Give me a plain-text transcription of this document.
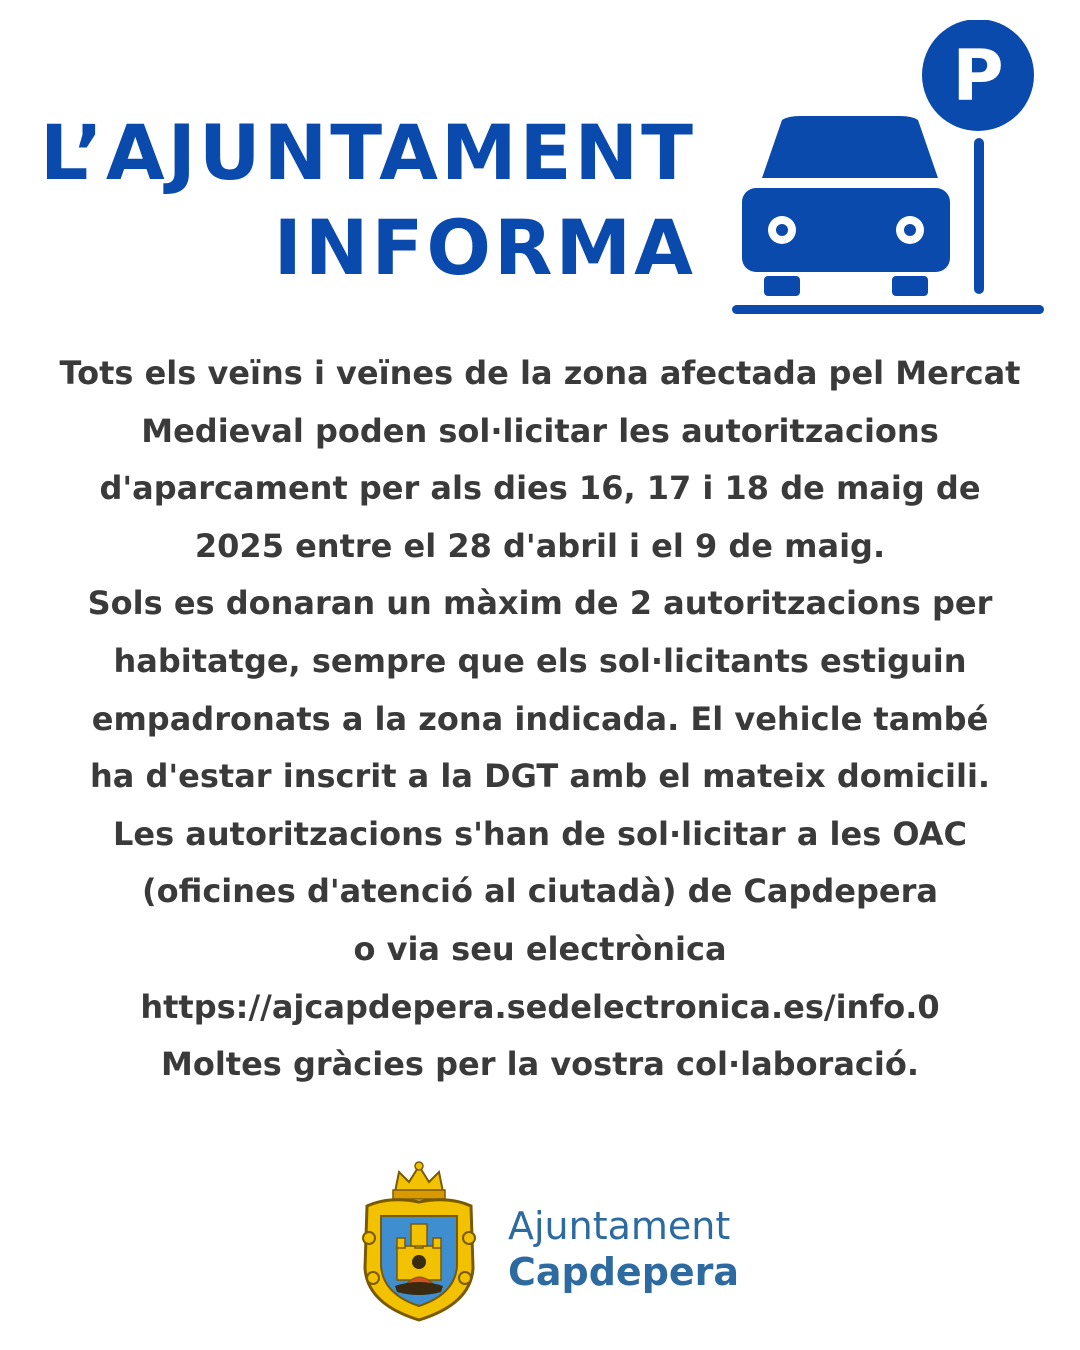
L’AJUNTAMENT
INFORMA
P

Tots els veïns i veïnes de la zona afectada pel Mercat

Medieval poden sol·licitar les autoritzacions

d'aparcament per als dies 16, 17 i 18 de maig de

2025 entre el 28 d'abril i el 9 de maig.

Sols es donaran un màxim de 2 autoritzacions per

habitatge, sempre que els sol·licitants estiguin

empadronats a la zona indicada. El vehicle també

ha d'estar inscrit a la DGT amb el mateix domicili.

Les autoritzacions s'han de sol·licitar a les OAC

(oficines d'atenció al ciutadà) de Capdepera

o via seu electrònica

https://ajcapdepera.sedelectronica.es/info.0

Moltes gràcies per la vostra col·laboració.

Ajuntament
Capdepera
